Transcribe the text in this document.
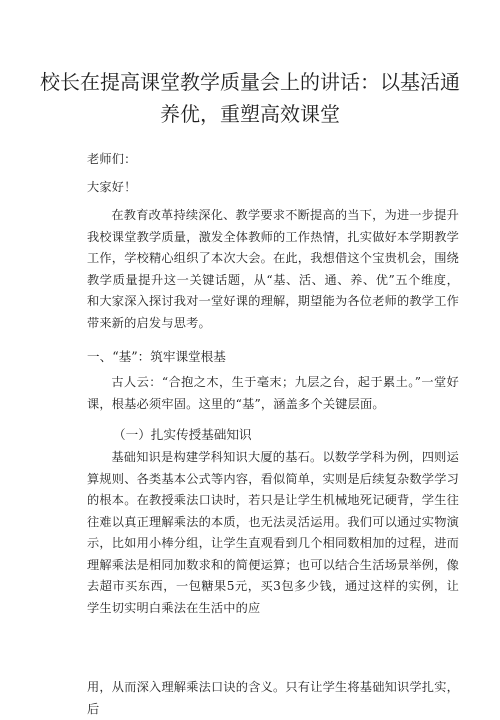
校长在提高课堂教学质量会上的讲话：以基活通养优，重塑高效课堂

老师们：

大家好！

在教育改革持续深化、教学要求不断提高的当下，为进一步提升我校课堂教学质量，激发全体教师的工作热情，扎实做好本学期教学工作，学校精心组织了本次大会。在此，我想借这个宝贵机会，围绕教学质量提升这一关键话题，从“基、活、通、养、优”五个维度，和大家深入探讨我对一堂好课的理解，期望能为各位老师的教学工作带来新的启发与思考。

一、“基”：筑牢课堂根基

古人云：“合抱之木，生于毫末；九层之台，起于累土。”一堂好课，根基必须牢固。这里的“基”，涵盖多个关键层面。

（一）扎实传授基础知识

基础知识是构建学科知识大厦的基石。以数学学科为例，四则运算规则、各类基本公式等内容，看似简单，实则是后续复杂数学学习的根本。在教授乘法口诀时，若只是让学生机械地死记硬背，学生往往难以真正理解乘法的本质，也无法灵活运用。我们可以通过实物演示，比如用小棒分组，让学生直观看到几个相同数相加的过程，进而理解乘法是相同加数求和的简便运算；也可以结合生活场景举例，像去超市买东西，一包糖果5元，买3包多少钱，通过这样的实例，让学生切实明白乘法在生活中的应

用，从而深入理解乘法口诀的含义。只有让学生将基础知识学扎实，后
